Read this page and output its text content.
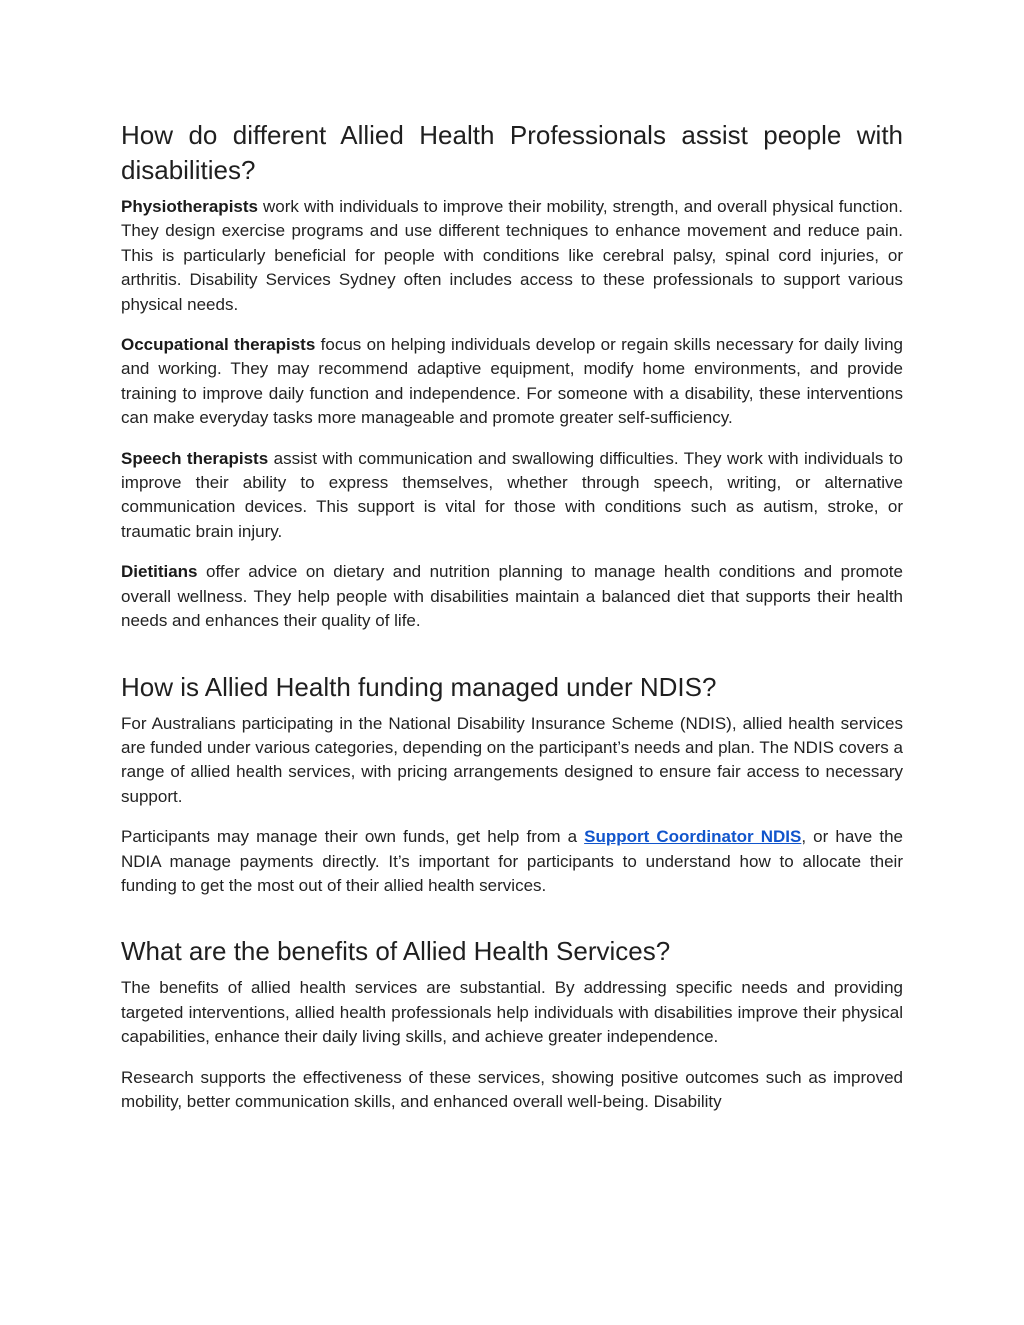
How do different Allied Health Professionals assist people with disabilities?

Physiotherapists work with individuals to improve their mobility, strength, and overall physical function. They design exercise programs and use different techniques to enhance movement and reduce pain. This is particularly beneficial for people with conditions like cerebral palsy, spinal cord injuries, or arthritis. Disability Services Sydney often includes access to these professionals to support various physical needs.

Occupational therapists focus on helping individuals develop or regain skills necessary for daily living and working. They may recommend adaptive equipment, modify home environments, and provide training to improve daily function and independence. For someone with a disability, these interventions can make everyday tasks more manageable and promote greater self-sufficiency.

Speech therapists assist with communication and swallowing difficulties. They work with individuals to improve their ability to express themselves, whether through speech, writing, or alternative communication devices. This support is vital for those with conditions such as autism, stroke, or traumatic brain injury.

Dietitians offer advice on dietary and nutrition planning to manage health conditions and promote overall wellness. They help people with disabilities maintain a balanced diet that supports their health needs and enhances their quality of life.

How is Allied Health funding managed under NDIS?

For Australians participating in the National Disability Insurance Scheme (NDIS), allied health services are funded under various categories, depending on the participant’s needs and plan. The NDIS covers a range of allied health services, with pricing arrangements designed to ensure fair access to necessary support.

Participants may manage their own funds, get help from a Support Coordinator NDIS, or have the NDIA manage payments directly. It’s important for participants to understand how to allocate their funding to get the most out of their allied health services.

What are the benefits of Allied Health Services?

The benefits of allied health services are substantial. By addressing specific needs and providing targeted interventions, allied health professionals help individuals with disabilities improve their physical capabilities, enhance their daily living skills, and achieve greater independence.

Research supports the effectiveness of these services, showing positive outcomes such as improved mobility, better communication skills, and enhanced overall well-being. Disability
